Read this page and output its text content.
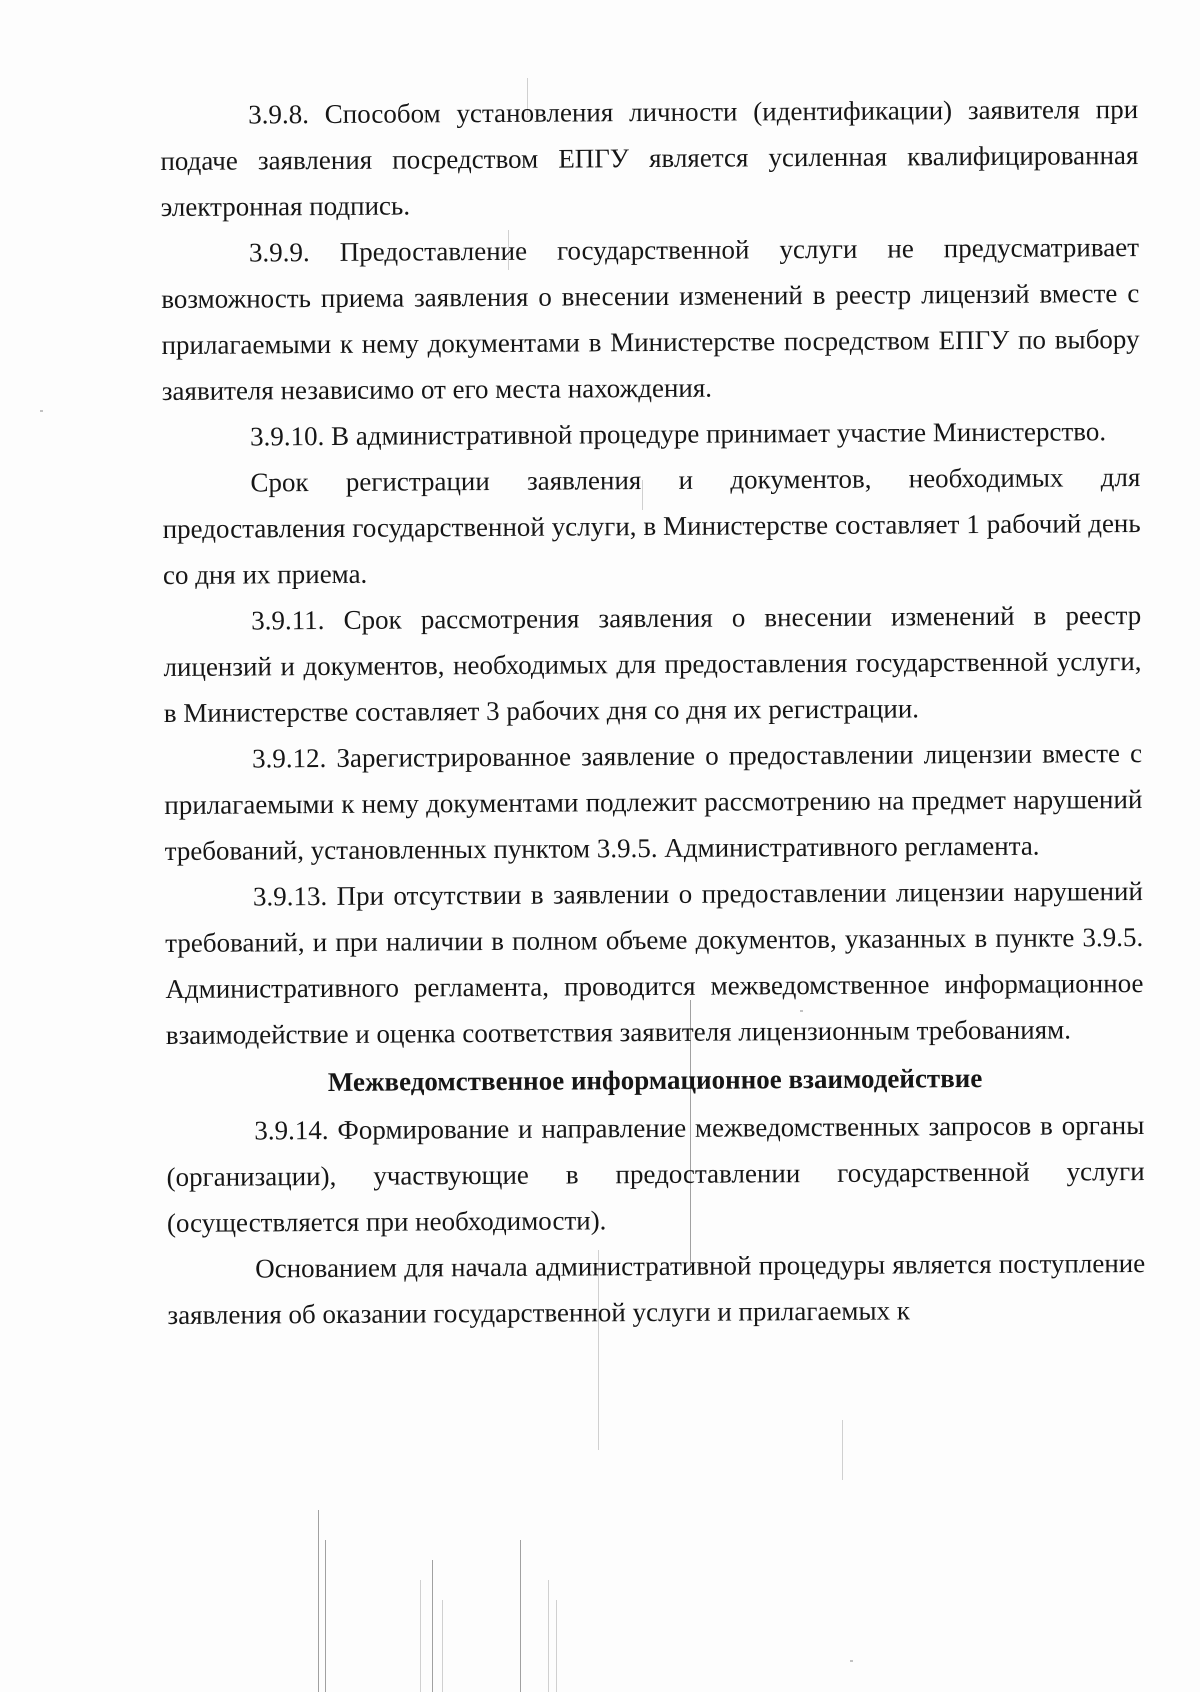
3.9.8. Способом установления личности (идентификации) заявителя при подаче заявления посредством ЕПГУ является усиленная квалифицированная электронная подпись.

3.9.9. Предоставление государственной услуги не предусматривает возможность приема заявления о внесении изменений в реестр лицензий вместе с прилагаемыми к нему документами в Министерстве посредством ЕПГУ по выбору заявителя независимо от его места нахождения.

3.9.10. В административной процедуре принимает участие Министерство.

Срок регистрации заявления и документов, необходимых для предоставления государственной услуги, в Министерстве составляет 1 рабочий день со дня их приема.

3.9.11. Срок рассмотрения заявления о внесении изменений в реестр лицензий и документов, необходимых для предоставления государственной услуги, в Министерстве составляет 3 рабочих дня со дня их регистрации.

3.9.12. Зарегистрированное заявление о предоставлении лицензии вместе с прилагаемыми к нему документами подлежит рассмотрению на предмет нарушений требований, установленных пунктом 3.9.5. Административного регламента.

3.9.13. При отсутствии в заявлении о предоставлении лицензии нарушений требований, и при наличии в полном объеме документов, указанных в пункте 3.9.5. Административного регламента, проводится межведомственное информационное взаимодействие и оценка соответствия заявителя лицензионным требованиям.

Межведомственное информационное взаимодействие

3.9.14. Формирование и направление межведомственных запросов в органы (организации), участвующие в предоставлении государственной услуги (осуществляется при необходимости).

Основанием для начала административной процедуры является поступление заявления об оказании государственной услуги и прилагаемых к
